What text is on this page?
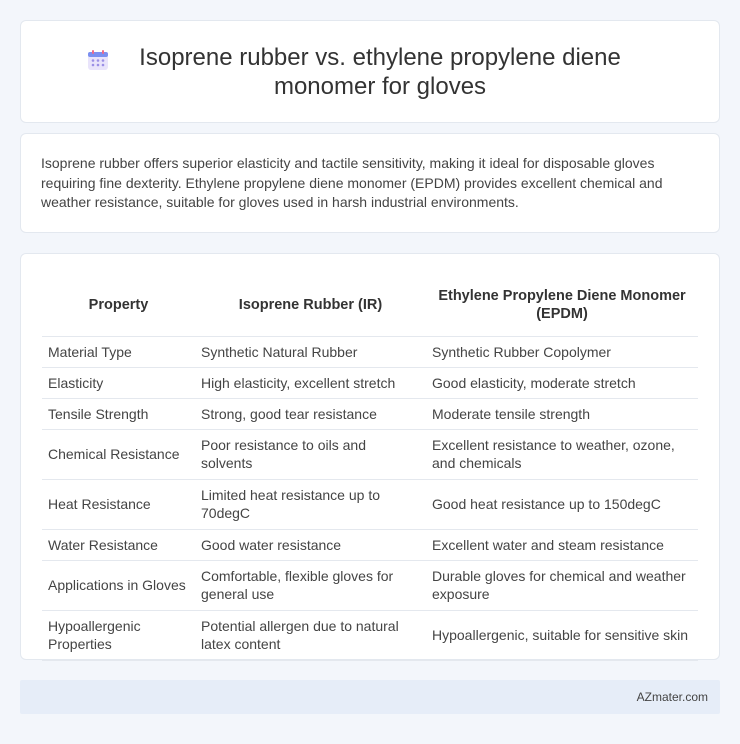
Isoprene rubber vs. ethylene propylene diene monomer for gloves

Isoprene rubber offers superior elasticity and tactile sensitivity, making it ideal for disposable gloves requiring fine dexterity. Ethylene propylene diene monomer (EPDM) provides excellent chemical and weather resistance, suitable for gloves used in harsh industrial environments.

Property	Isoprene Rubber (IR)	Ethylene Propylene Diene Monomer (EPDM)
Material Type	Synthetic Natural Rubber	Synthetic Rubber Copolymer
Elasticity	High elasticity, excellent stretch	Good elasticity, moderate stretch
Tensile Strength	Strong, good tear resistance	Moderate tensile strength
Chemical Resistance	Poor resistance to oils and solvents	Excellent resistance to weather, ozone, and chemicals
Heat Resistance	Limited heat resistance up to 70degC	Good heat resistance up to 150degC
Water Resistance	Good water resistance	Excellent water and steam resistance
Applications in Gloves	Comfortable, flexible gloves for general use	Durable gloves for chemical and weather exposure
Hypoallergenic Properties	Potential allergen due to natural latex content	Hypoallergenic, suitable for sensitive skin
AZmater.com
